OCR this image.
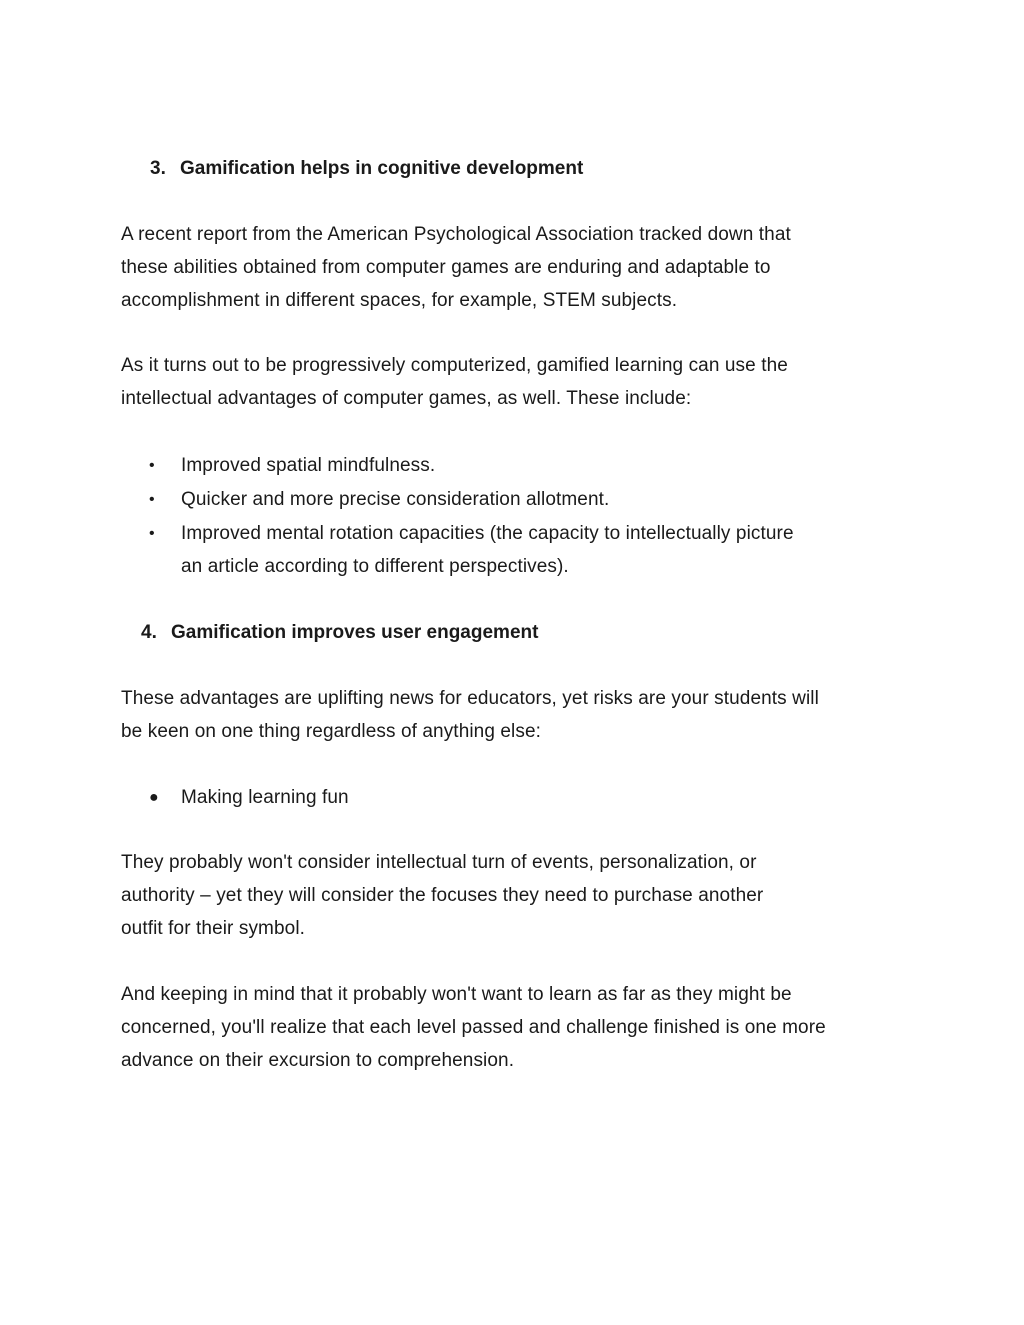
3. Gamification helps in cognitive development
A recent report from the American Psychological Association tracked down that
these abilities obtained from computer games are enduring and adaptable to
accomplishment in different spaces, for example, STEM subjects.
As it turns out to be progressively computerized, gamified learning can use the
intellectual advantages of computer games, as well. These include:
•	Improved spatial mindfulness.
•	Quicker and more precise consideration allotment.
•	Improved mental rotation capacities (the capacity to intellectually picture
an article according to different perspectives).
4. Gamification improves user engagement
These advantages are uplifting news for educators, yet risks are your students will
be keen on one thing regardless of anything else:
●	Making learning fun
They probably won't consider intellectual turn of events, personalization, or
authority – yet they will consider the focuses they need to purchase another
outfit for their symbol.
And keeping in mind that it probably won't want to learn as far as they might be
concerned, you'll realize that each level passed and challenge finished is one more
advance on their excursion to comprehension.
